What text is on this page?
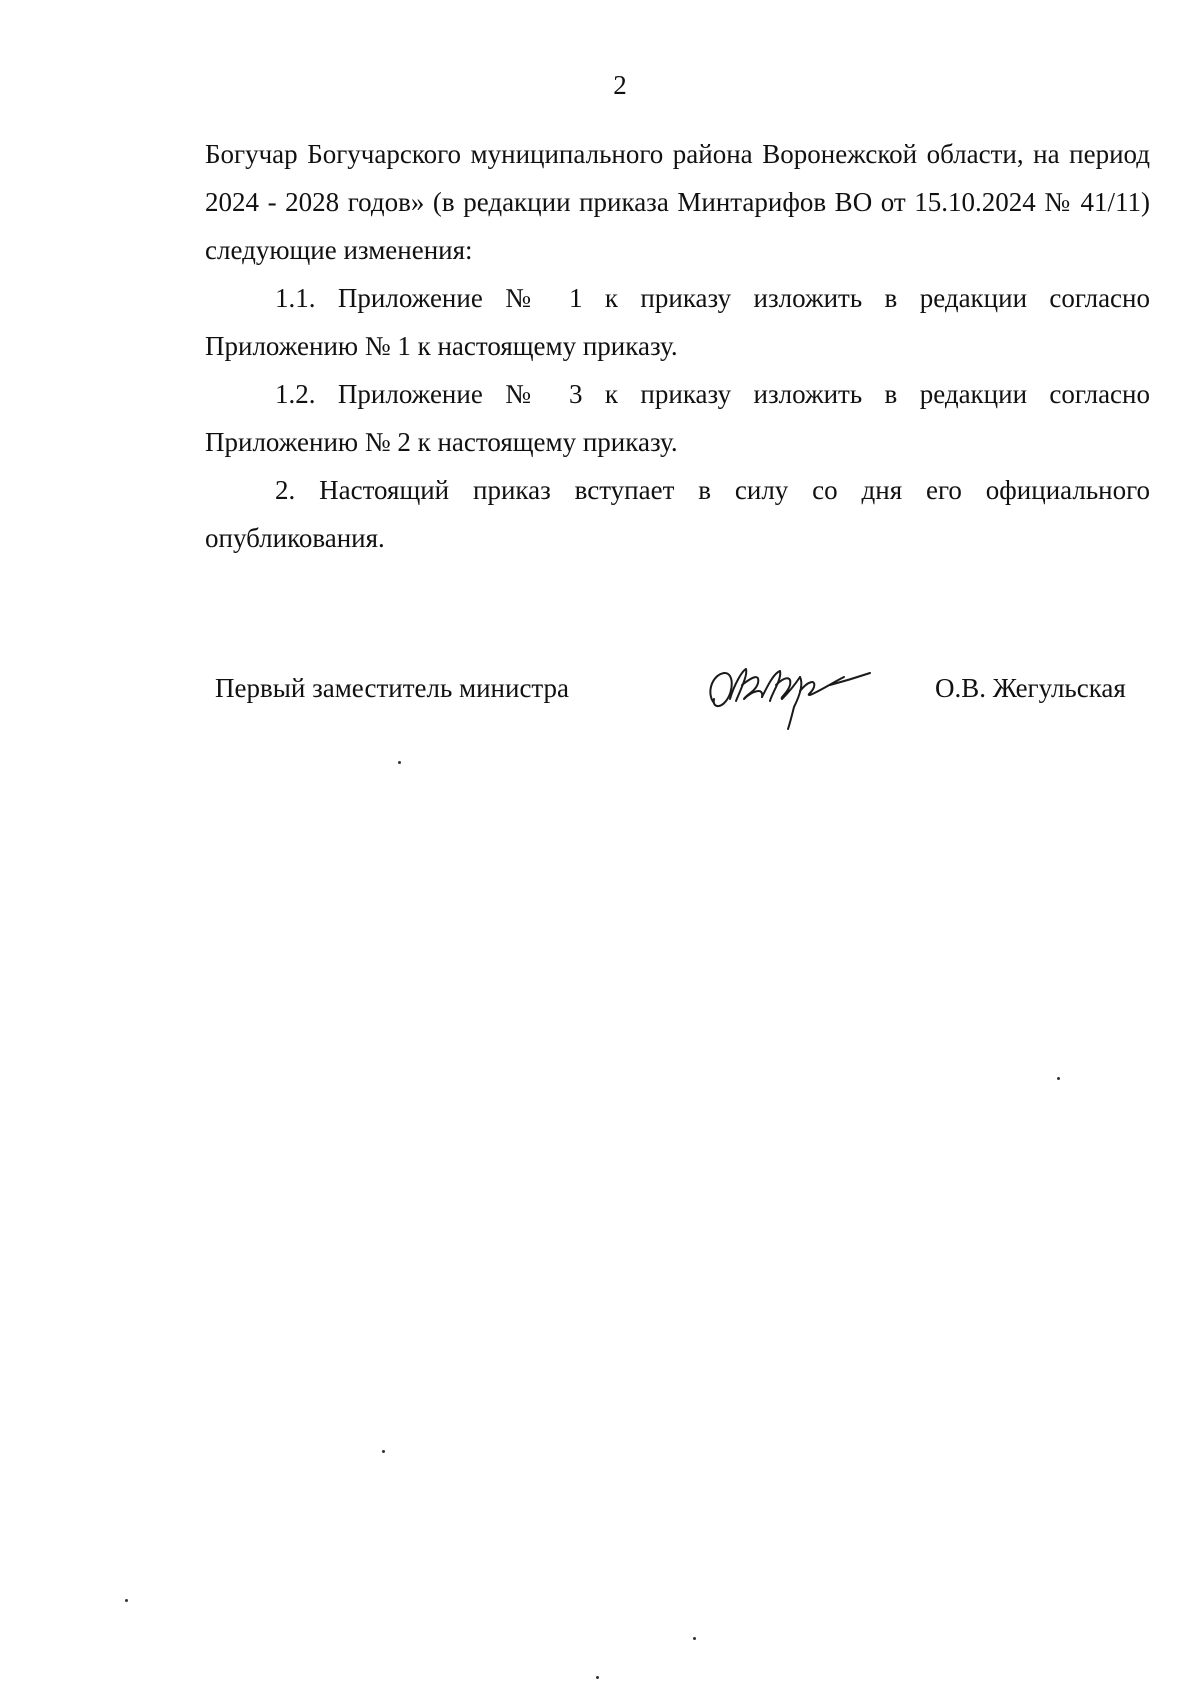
2

Богучар Богучарского муниципального района Воронежской области, на период 2024 - 2028 годов» (в редакции приказа Минтарифов ВО от 15.10.2024 № 41/11) следующие изменения:

1.1. Приложение № 1 к приказу изложить в редакции согласно Приложению № 1 к настоящему приказу.

1.2. Приложение № 3 к приказу изложить в редакции согласно Приложению № 2 к настоящему приказу.

2. Настоящий приказ вступает в силу со дня его официального опубликования.

Первый заместитель министра	О.В. Жегульская
